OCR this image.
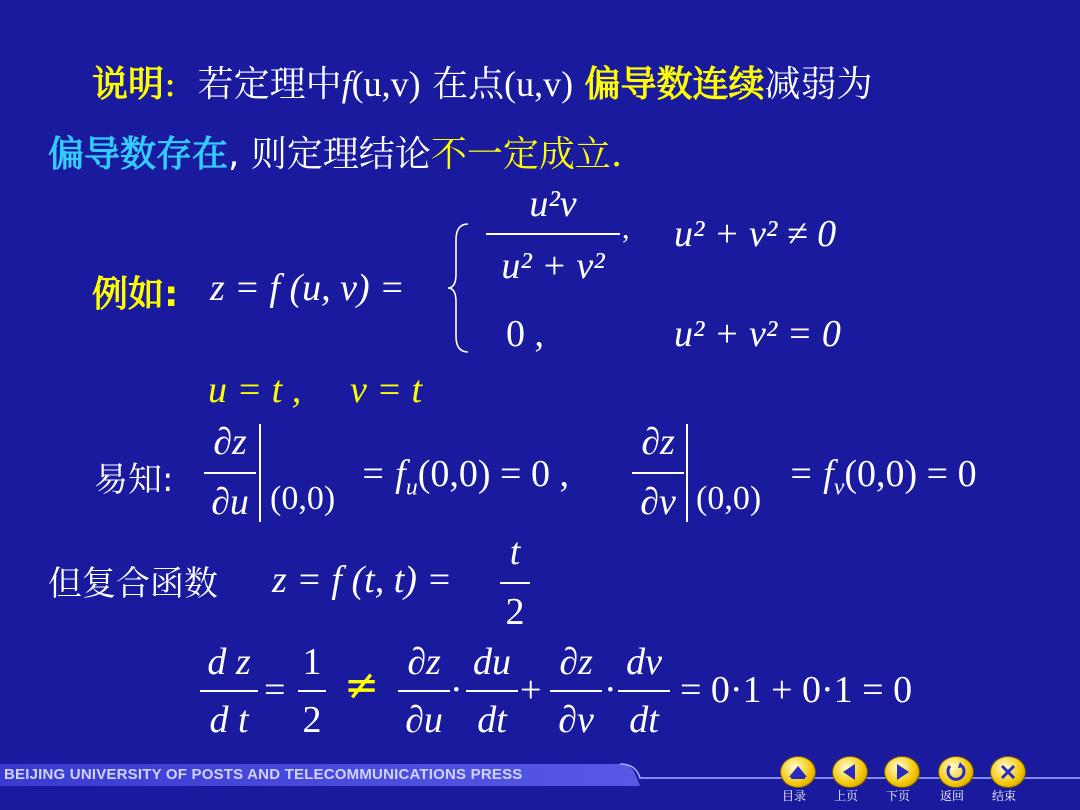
说明: 若定理中f(u,v) 在点(u,v) 偏导数连续减弱为
偏导数存在, 则定理结论不一定成立.
例如: z = f (u, v) =
u²v
u² + v²
, u² + v² ≠ 0
0 ,	u² + v² = 0
u = t , v = t
易知:
∂z
∂u (0,0)
= $f_u(0,0) = 0$ ,
∂z
∂v (0,0)
= $f_v(0,0) = 0$
但复合函数 z = f (t, t) =
t
2
d z
d t
=
1
2
≠ ∂z
∂u
·
du
dt
+
∂z
∂v
·
dv
dt
= 0·1 + 0·1 = 0
BEIJING UNIVERSITY OF POSTS AND TELECOMMUNICATIONS PRESS
目录 上页 下页 返回 结束
